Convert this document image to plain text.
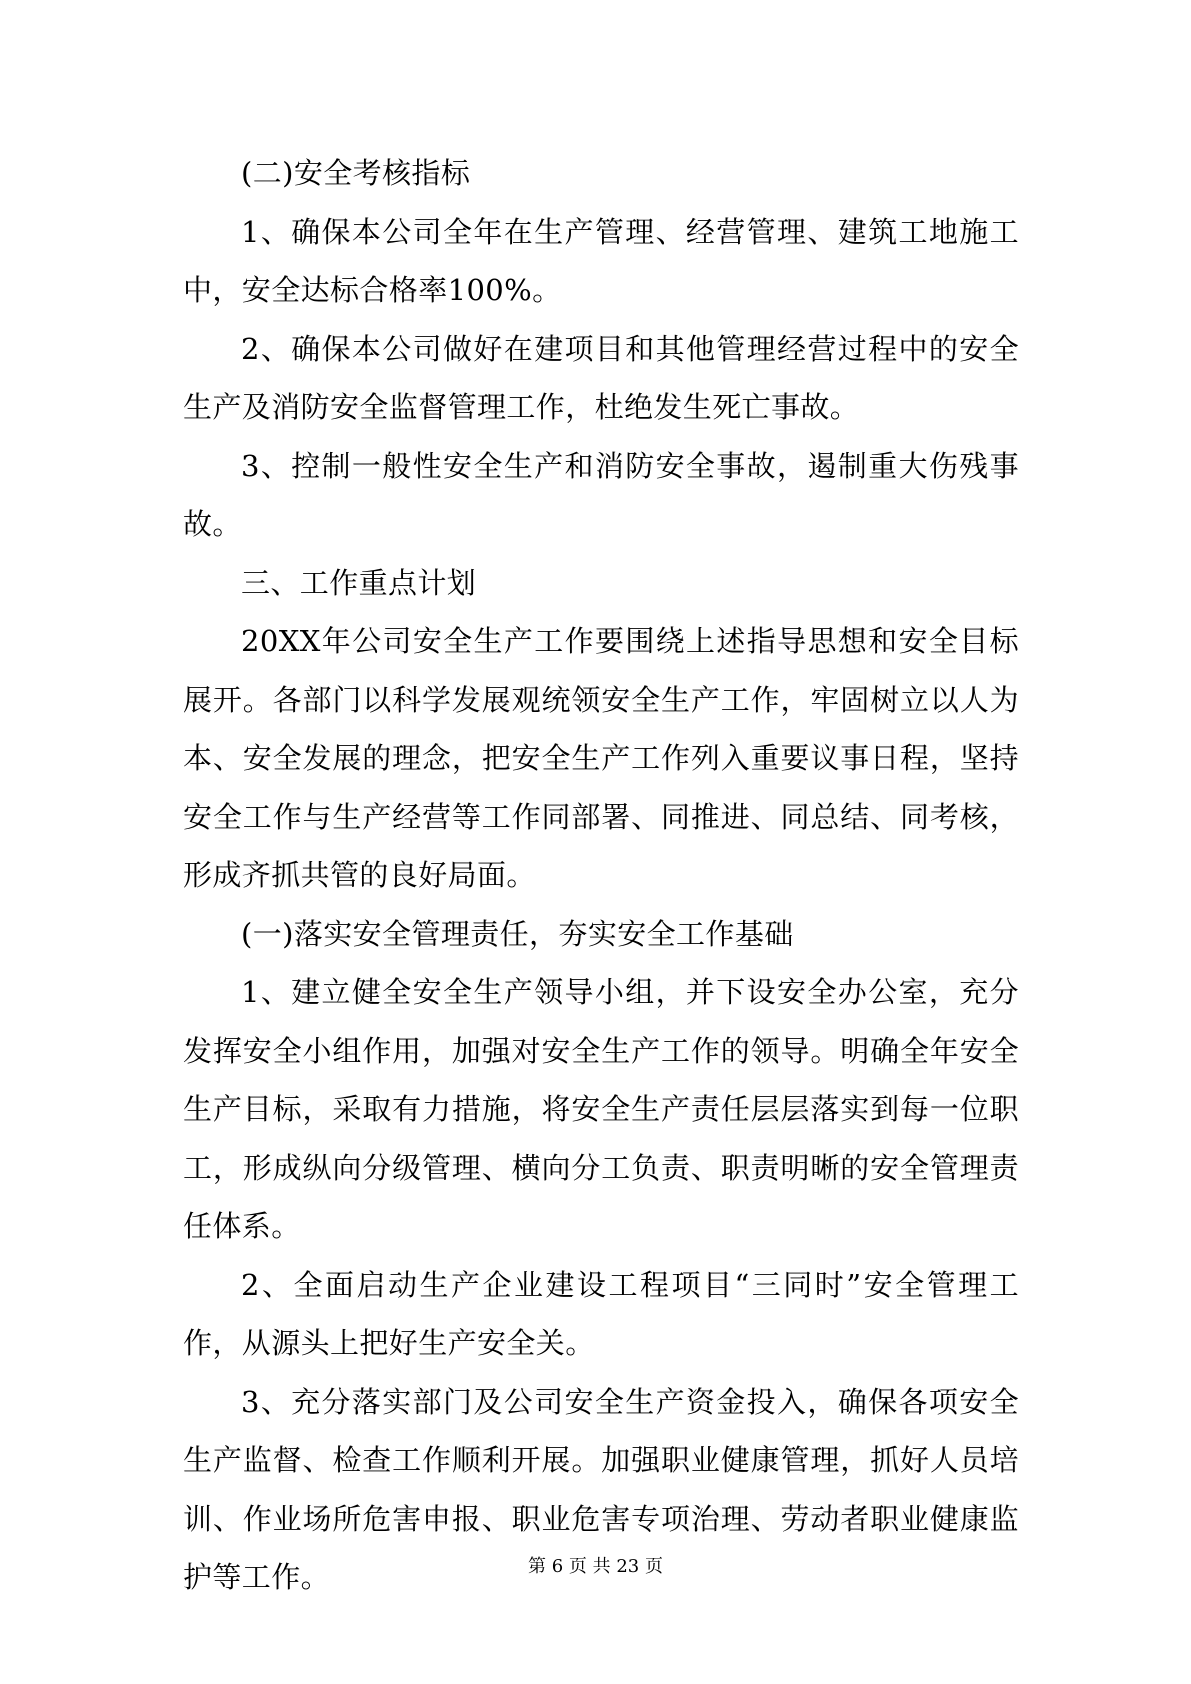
(二)安全考核指标

1、确保本公司全年在生产管理、经营管理、建筑工地施工中，安全达标合格率100%。

2、确保本公司做好在建项目和其他管理经营过程中的安全生产及消防安全监督管理工作，杜绝发生死亡事故。

3、控制一般性安全生产和消防安全事故，遏制重大伤残事故。

三、工作重点计划

20XX年公司安全生产工作要围绕上述指导思想和安全目标展开。各部门以科学发展观统领安全生产工作，牢固树立以人为本、安全发展的理念，把安全生产工作列入重要议事日程，坚持安全工作与生产经营等工作同部署、同推进、同总结、同考核，形成齐抓共管的良好局面。

(一)落实安全管理责任，夯实安全工作基础

1、建立健全安全生产领导小组，并下设安全办公室，充分发挥安全小组作用，加强对安全生产工作的领导。明确全年安全生产目标，采取有力措施，将安全生产责任层层落实到每一位职工，形成纵向分级管理、横向分工负责、职责明晰的安全管理责任体系。

2、全面启动生产企业建设工程项目“三同时”安全管理工作，从源头上把好生产安全关。

3、充分落实部门及公司安全生产资金投入，确保各项安全生产监督、检查工作顺利开展。加强职业健康管理，抓好人员培训、作业场所危害申报、职业危害专项治理、劳动者职业健康监护等工作。	第 6 页 共 23 页
